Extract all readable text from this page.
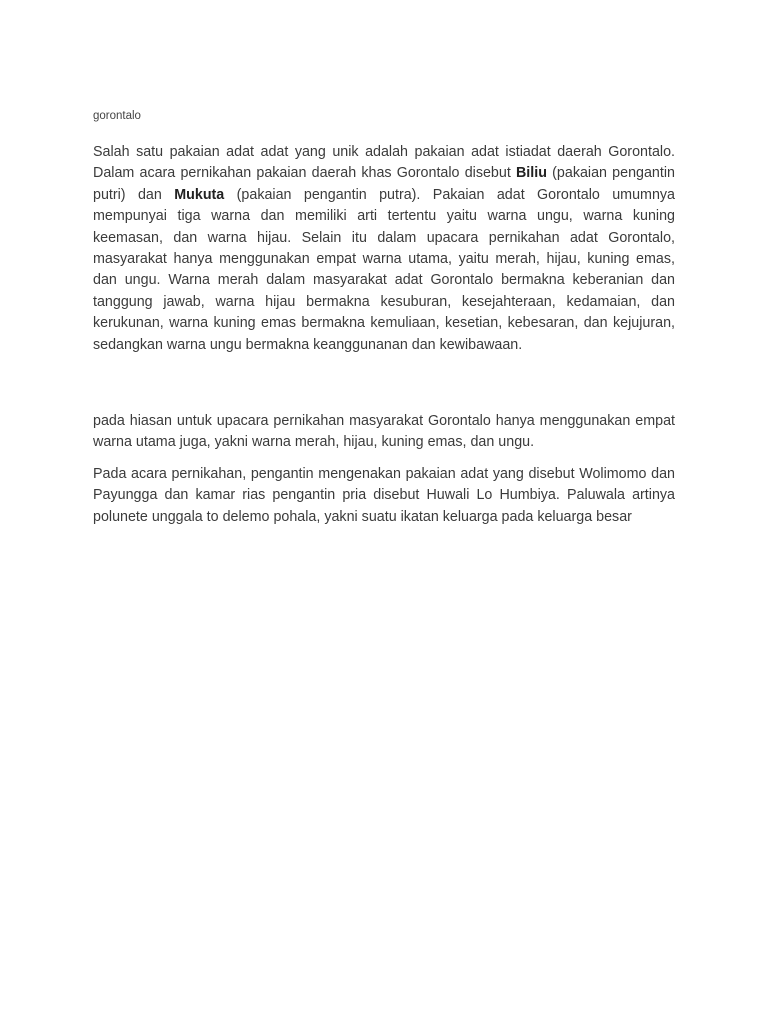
gorontalo

Salah satu pakaian adat adat yang unik adalah pakaian adat istiadat daerah Gorontalo. Dalam acara pernikahan pakaian daerah khas Gorontalo disebut Biliu (pakaian pengantin putri) dan Mukuta (pakaian pengantin putra). Pakaian adat Gorontalo umumnya mempunyai tiga warna dan memiliki arti tertentu yaitu warna ungu, warna kuning keemasan, dan warna hijau. Selain itu dalam upacara pernikahan adat Gorontalo, masyarakat hanya menggunakan empat warna utama, yaitu merah, hijau, kuning emas, dan ungu. Warna merah dalam masyarakat adat Gorontalo bermakna keberanian dan tanggung jawab, warna hijau bermakna kesuburan, kesejahteraan, kedamaian, dan kerukunan, warna kuning emas bermakna kemuliaan, kesetian, kebesaran, dan kejujuran, sedangkan warna ungu bermakna keanggunanan dan kewibawaan.

pada hiasan untuk upacara pernikahan masyarakat Gorontalo hanya menggunakan empat warna utama juga, yakni warna merah, hijau, kuning emas, dan ungu.

Pada acara pernikahan, pengantin mengenakan pakaian adat yang disebut Wolimomo dan Payungga dan kamar rias pengantin pria disebut Huwali Lo Humbiya. Paluwala artinya polunete unggala to delemo pohala, yakni suatu ikatan keluarga pada keluarga besar
